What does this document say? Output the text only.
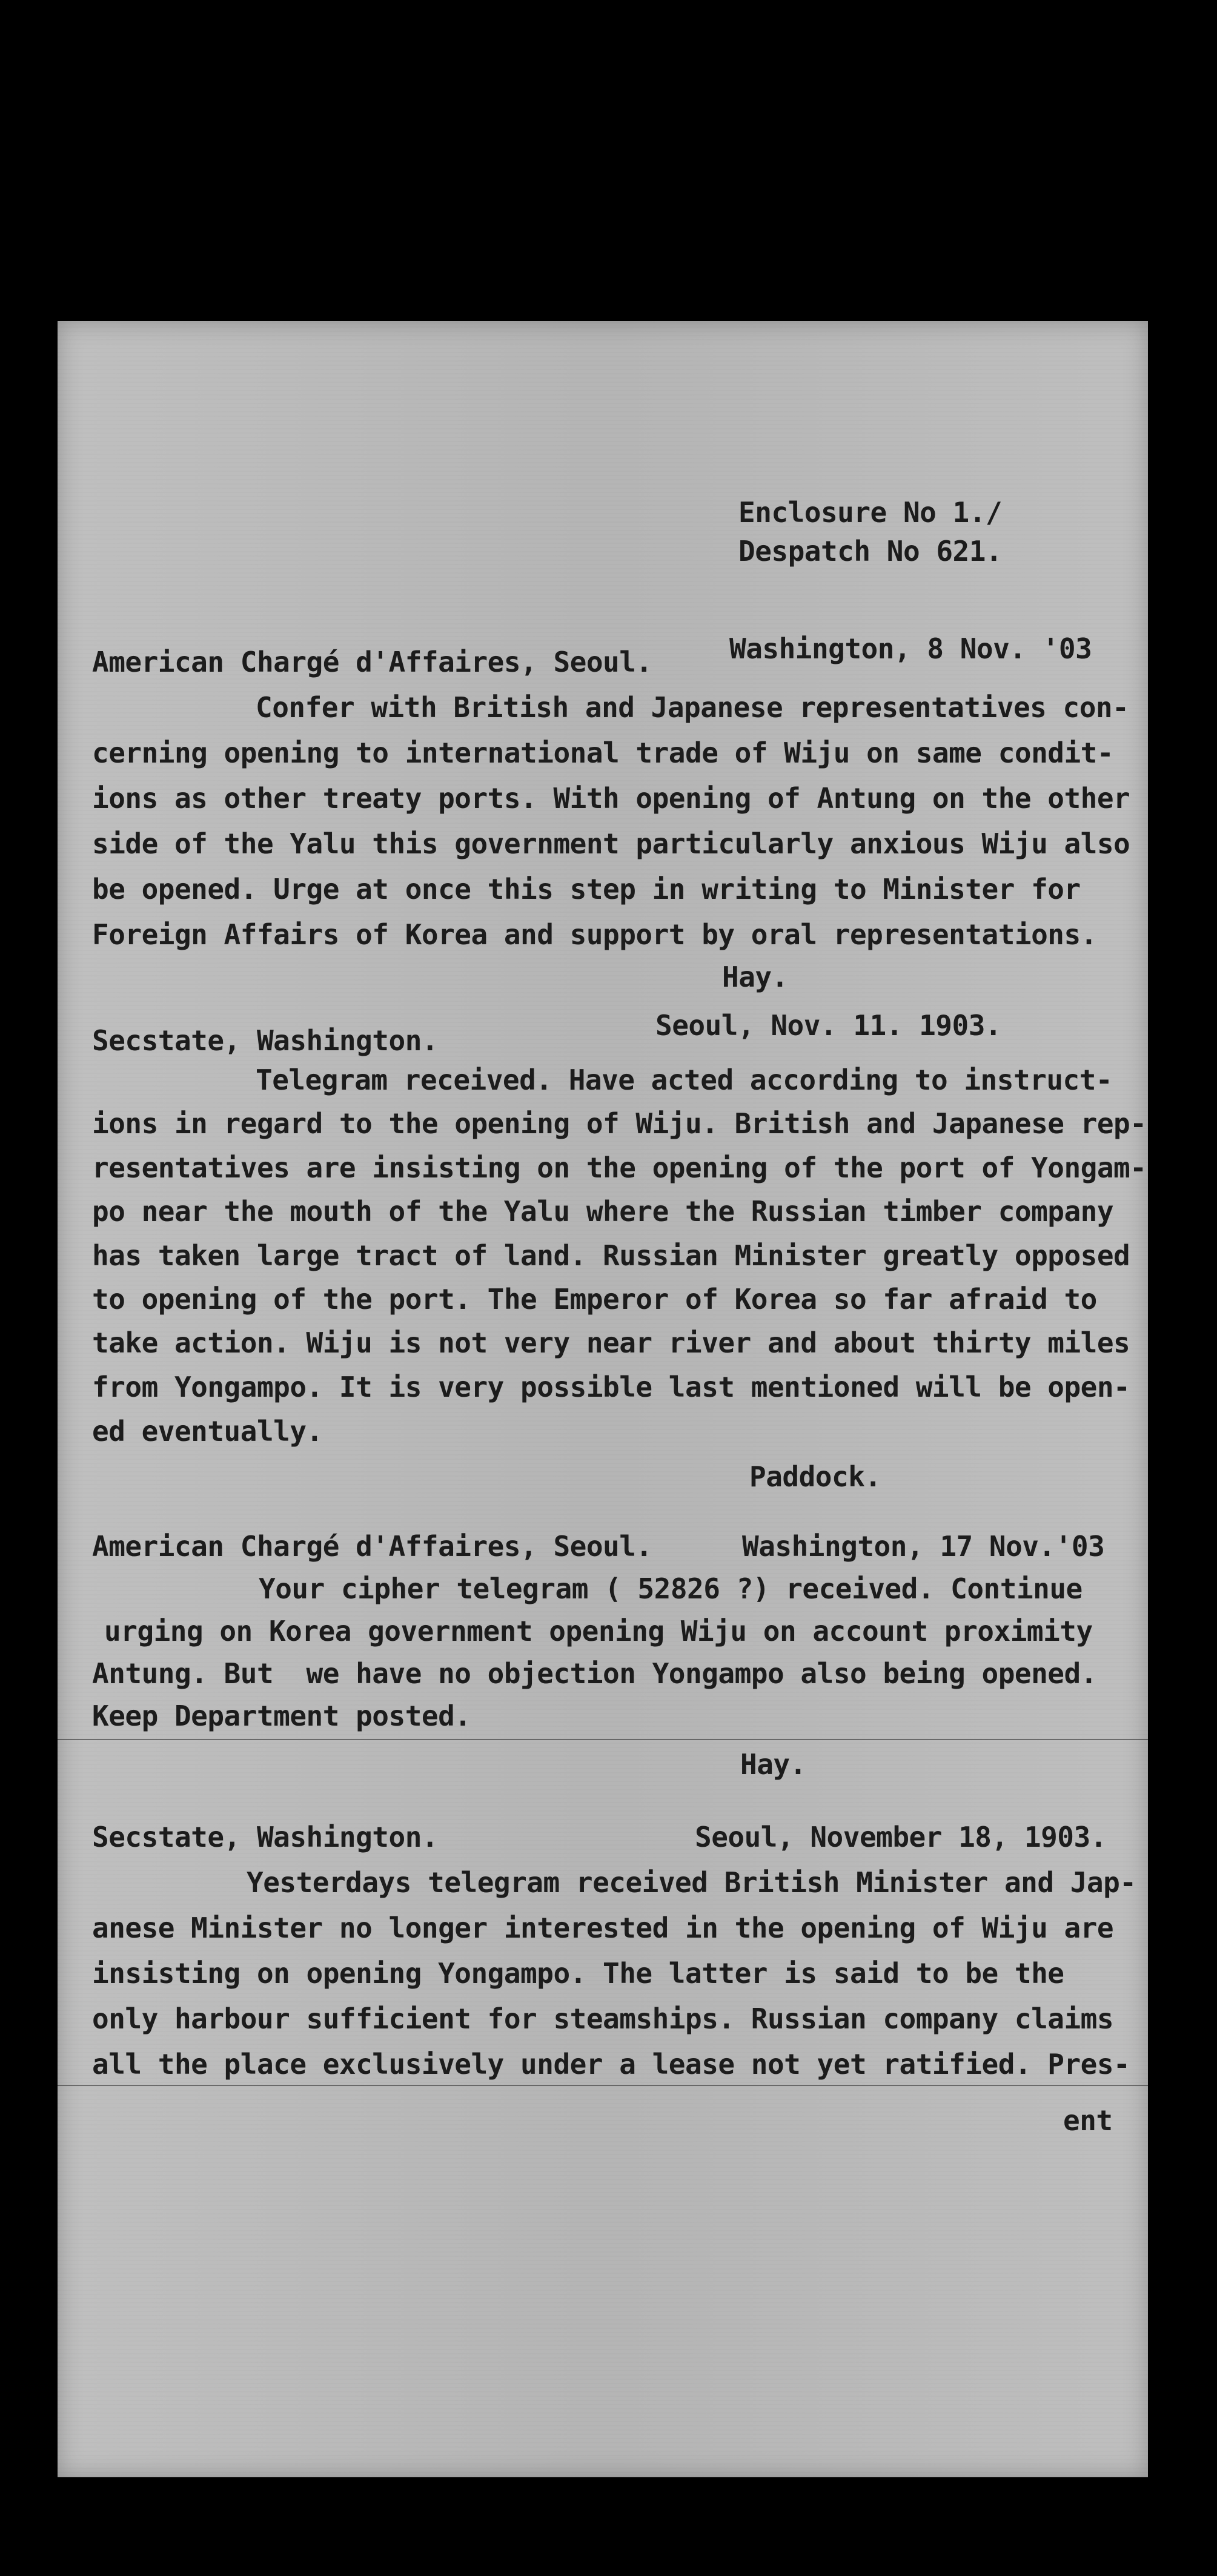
Enclosure No 1./
Despatch No 621.
American Chargé d'Affaires, Seoul.	Washington, 8 Nov. '03
Confer with British and Japanese representatives con-
cerning opening to international trade of Wiju on same condit-
ions as other treaty ports. With opening of Antung on the other
side of the Yalu this government particularly anxious Wiju also
be opened. Urge at once this step in writing to Minister for
Foreign Affairs of Korea and support by oral representations.
Hay.
Secstate, Washington.	Seoul, Nov. 11. 1903.
Telegram received. Have acted according to instruct-
ions in regard to the opening of Wiju. British and Japanese rep-
resentatives are insisting on the opening of the port of Yongam-
po near the mouth of the Yalu where the Russian timber company
has taken large tract of land. Russian Minister greatly opposed
to opening of the port. The Emperor of Korea so far afraid to
take action. Wiju is not very near river and about thirty miles
from Yongampo. It is very possible last mentioned will be open-
ed eventually.
Paddock.
American Chargé d'Affaires, Seoul.	Washington, 17 Nov.'03
Your cipher telegram ( 52826 ?) received. Continue
urging on Korea government opening Wiju on account proximity
Antung. But  we have no objection Yongampo also being opened.
Keep Department posted.
Hay.
Secstate, Washington.	Seoul, November 18, 1903.
Yesterdays telegram received British Minister and Jap-
anese Minister no longer interested in the opening of Wiju are
insisting on opening Yongampo. The latter is said to be the
only harbour sufficient for steamships. Russian company claims
all the place exclusively under a lease not yet ratified. Pres-
ent
